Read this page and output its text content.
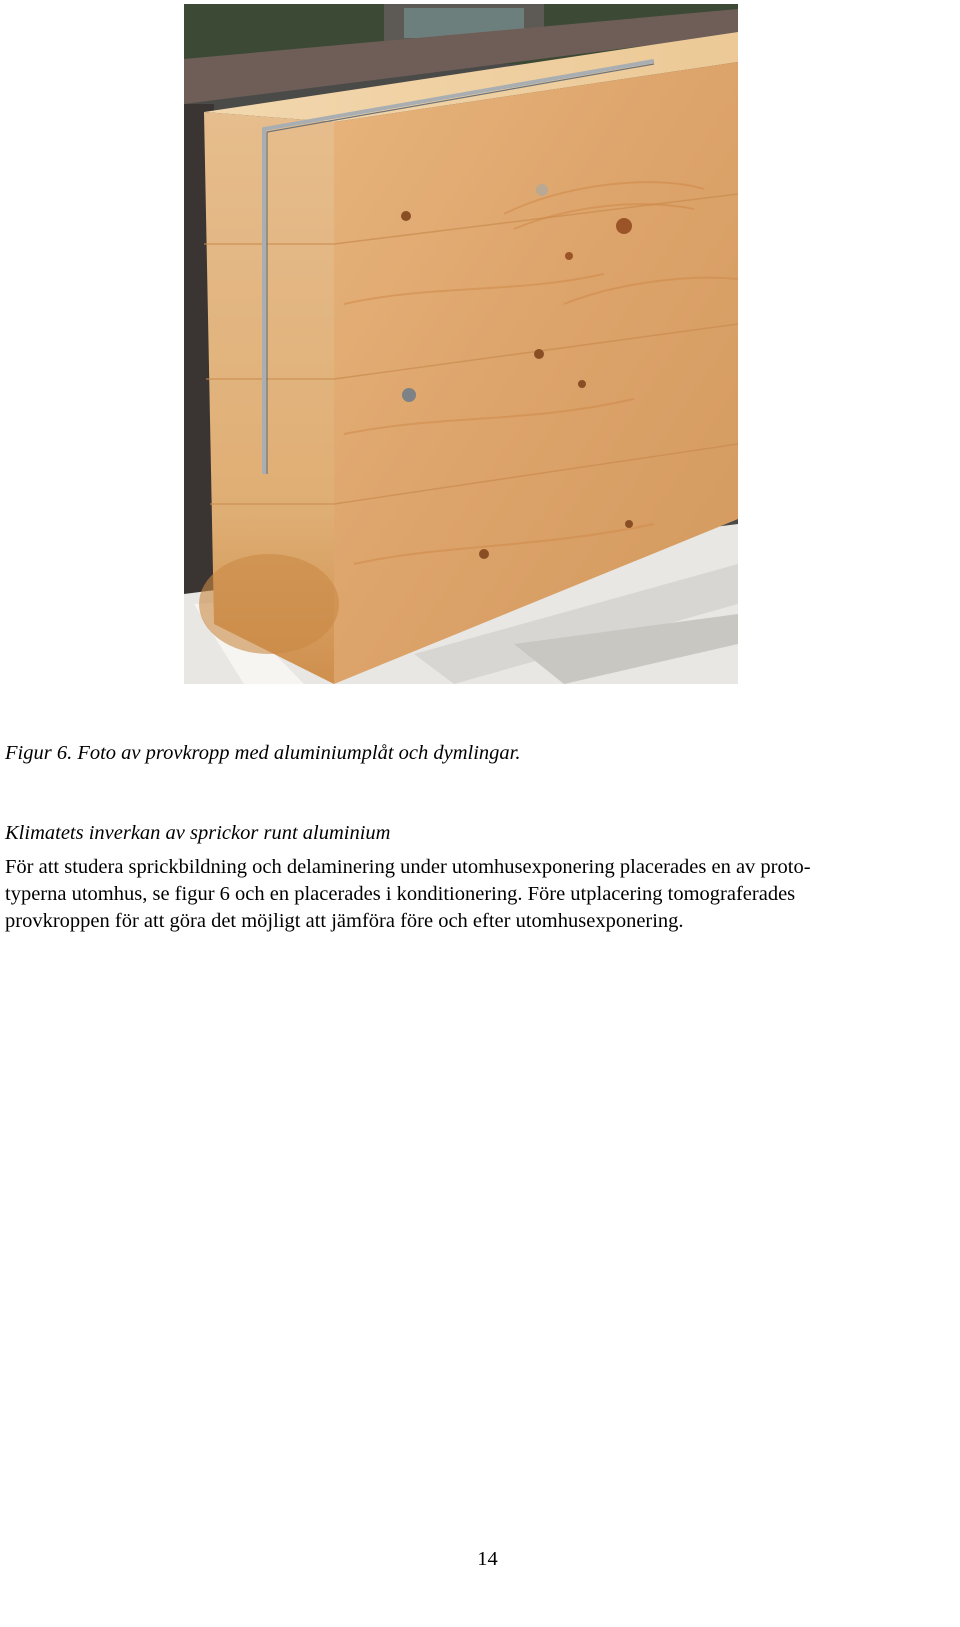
Figur 6. Foto av provkropp med aluminiumplåt och dymlingar.
Klimatets inverkan av sprickor runt aluminium
För att studera sprickbildning och delaminering under utomhusexponering placerades en av proto-
typerna utomhus, se figur 6 och en placerades i konditionering. Före utplacering tomograferades
provkroppen för att göra det möjligt att jämföra före och efter utomhusexponering.
14
